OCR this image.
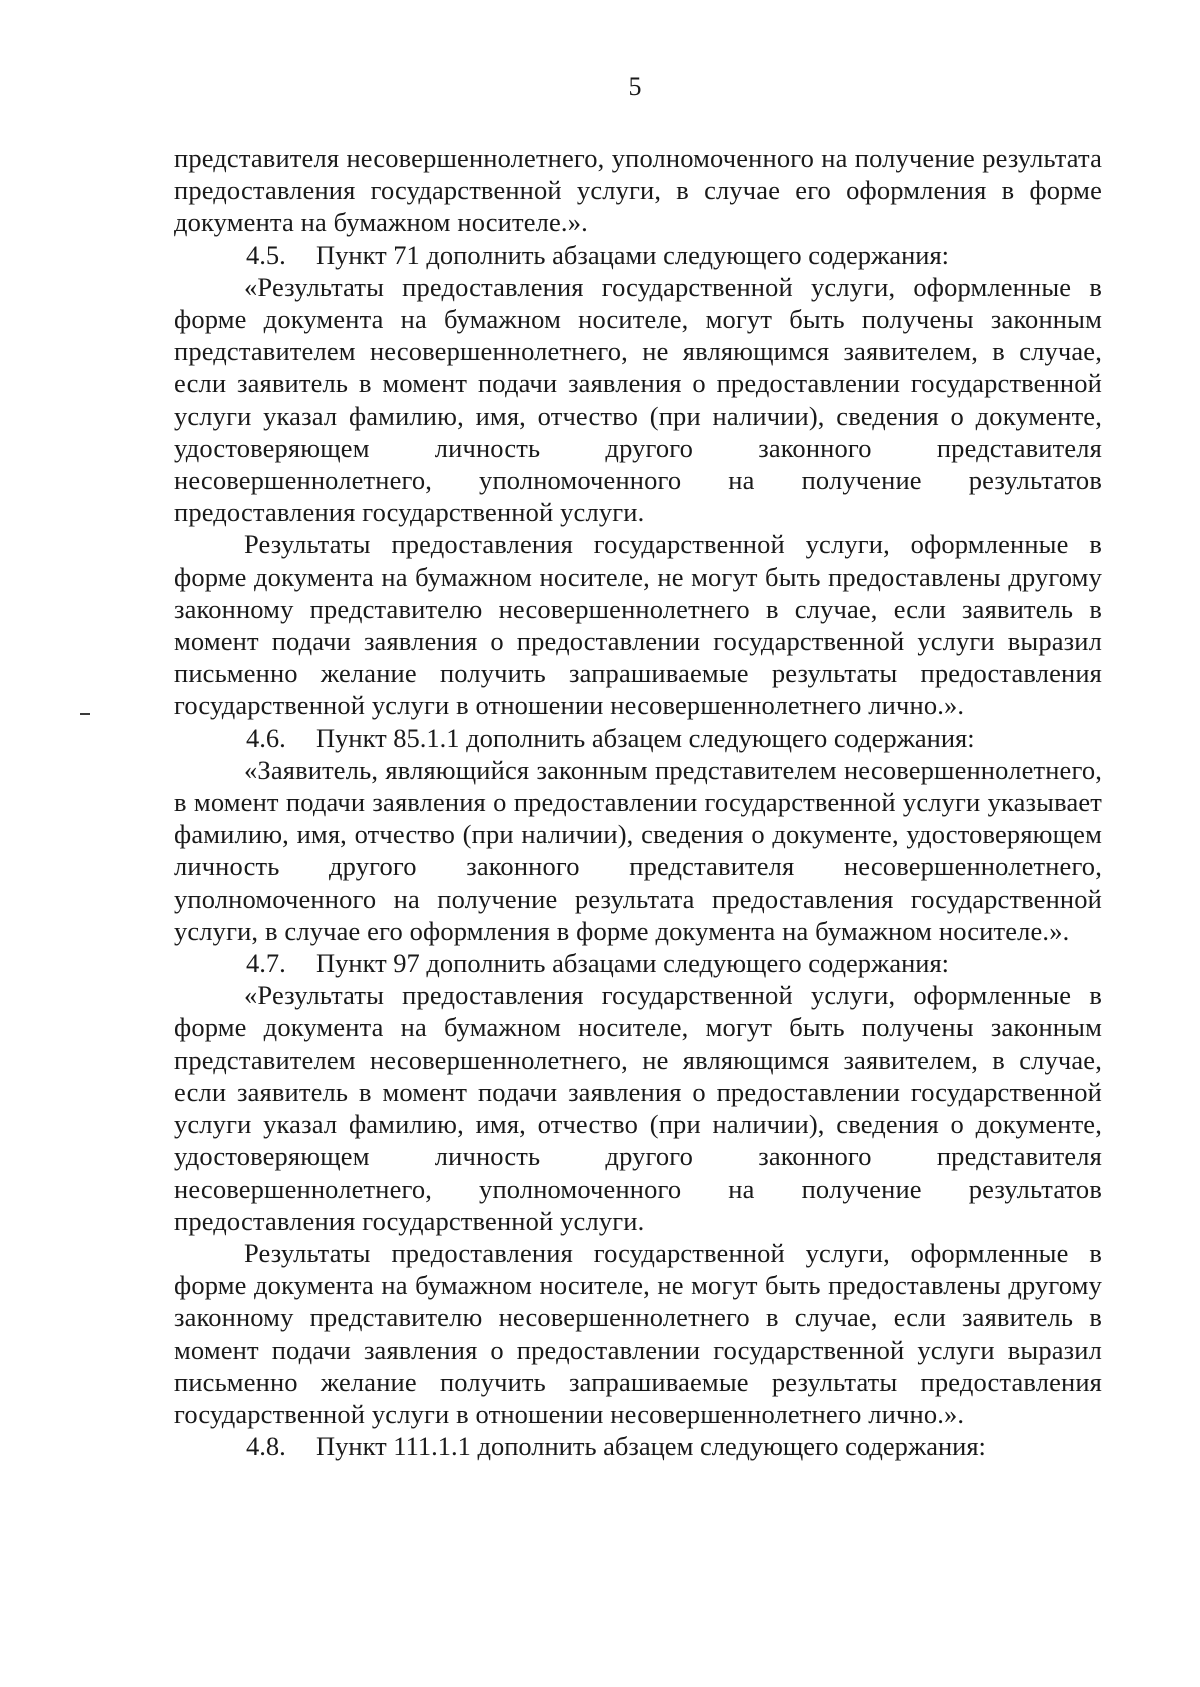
5

представителя несовершеннолетнего, уполномоченного на получение результата предоставления государственной услуги, в случае его оформления в форме документа на бумажном носителе.».

4.5. Пункт 71 дополнить абзацами следующего содержания:

«Результаты предоставления государственной услуги, оформленные в форме документа на бумажном носителе, могут быть получены законным представителем несовершеннолетнего, не являющимся заявителем, в случае, если заявитель в момент подачи заявления о предоставлении государственной услуги указал фамилию, имя, отчество (при наличии), сведения о документе, удостоверяющем личность другого законного представителя несовершеннолетнего, уполномоченного на получение результатов предоставления государственной услуги.

Результаты предоставления государственной услуги, оформленные в форме документа на бумажном носителе, не могут быть предоставлены другому законному представителю несовершеннолетнего в случае, если заявитель в момент подачи заявления о предоставлении государственной услуги выразил письменно желание получить запрашиваемые результаты предоставления государственной услуги в отношении несовершеннолетнего лично.».

4.6. Пункт 85.1.1 дополнить абзацем следующего содержания:

«Заявитель, являющийся законным представителем несовершеннолетнего, в момент подачи заявления о предоставлении государственной услуги указывает фамилию, имя, отчество (при наличии), сведения о документе, удостоверяющем личность другого законного представителя несовершеннолетнего, уполномоченного на получение результата предоставления государственной услуги, в случае его оформления в форме документа на бумажном носителе.».

4.7. Пункт 97 дополнить абзацами следующего содержания:

«Результаты предоставления государственной услуги, оформленные в форме документа на бумажном носителе, могут быть получены законным представителем несовершеннолетнего, не являющимся заявителем, в случае, если заявитель в момент подачи заявления о предоставлении государственной услуги указал фамилию, имя, отчество (при наличии), сведения о документе, удостоверяющем личность другого законного представителя несовершеннолетнего, уполномоченного на получение результатов предоставления государственной услуги.

Результаты предоставления государственной услуги, оформленные в форме документа на бумажном носителе, не могут быть предоставлены другому законному представителю несовершеннолетнего в случае, если заявитель в момент подачи заявления о предоставлении государственной услуги выразил письменно желание получить запрашиваемые результаты предоставления государственной услуги в отношении несовершеннолетнего лично.».

4.8. Пункт 111.1.1 дополнить абзацем следующего содержания:
